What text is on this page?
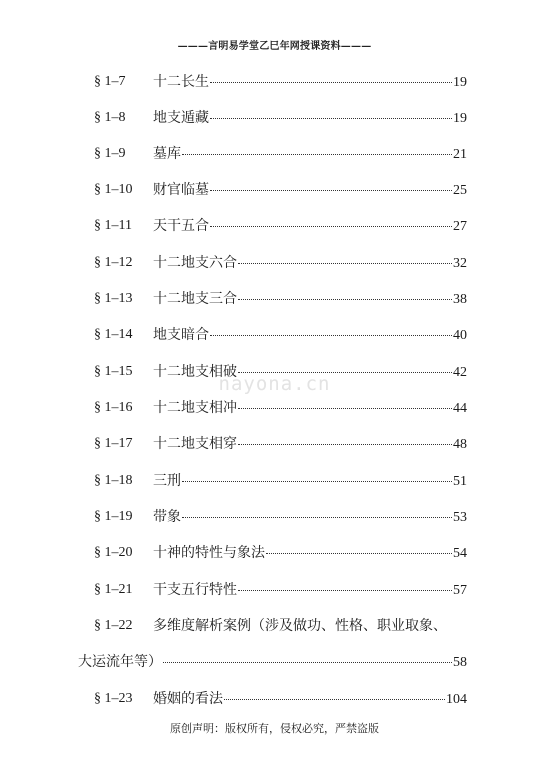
———言明易学堂乙巳年网授课资料———
§ 1–7 十二长生	19
§ 1–8 地支遁藏	19
§ 1–9 墓库	21
§ 1–10 财官临墓	25
§ 1–11 天干五合	27
§ 1–12 十二地支六合	32
§ 1–13 十二地支三合	38
§ 1–14 地支暗合	40
§ 1–15 十二地支相破	42
§ 1–16 十二地支相冲	44
§ 1–17 十二地支相穿	48
§ 1–18 三刑	51
§ 1–19 带象	53
§ 1–20 十神的特性与象法	54
§ 1–21 干支五行特性	57
§ 1–22 多维度解析案例（涉及做功、性格、职业取象、
大运流年等）	58
§ 1–23 婚姻的看法	104
nayona.cn
原创声明：版权所有，侵权必究，严禁盗版
